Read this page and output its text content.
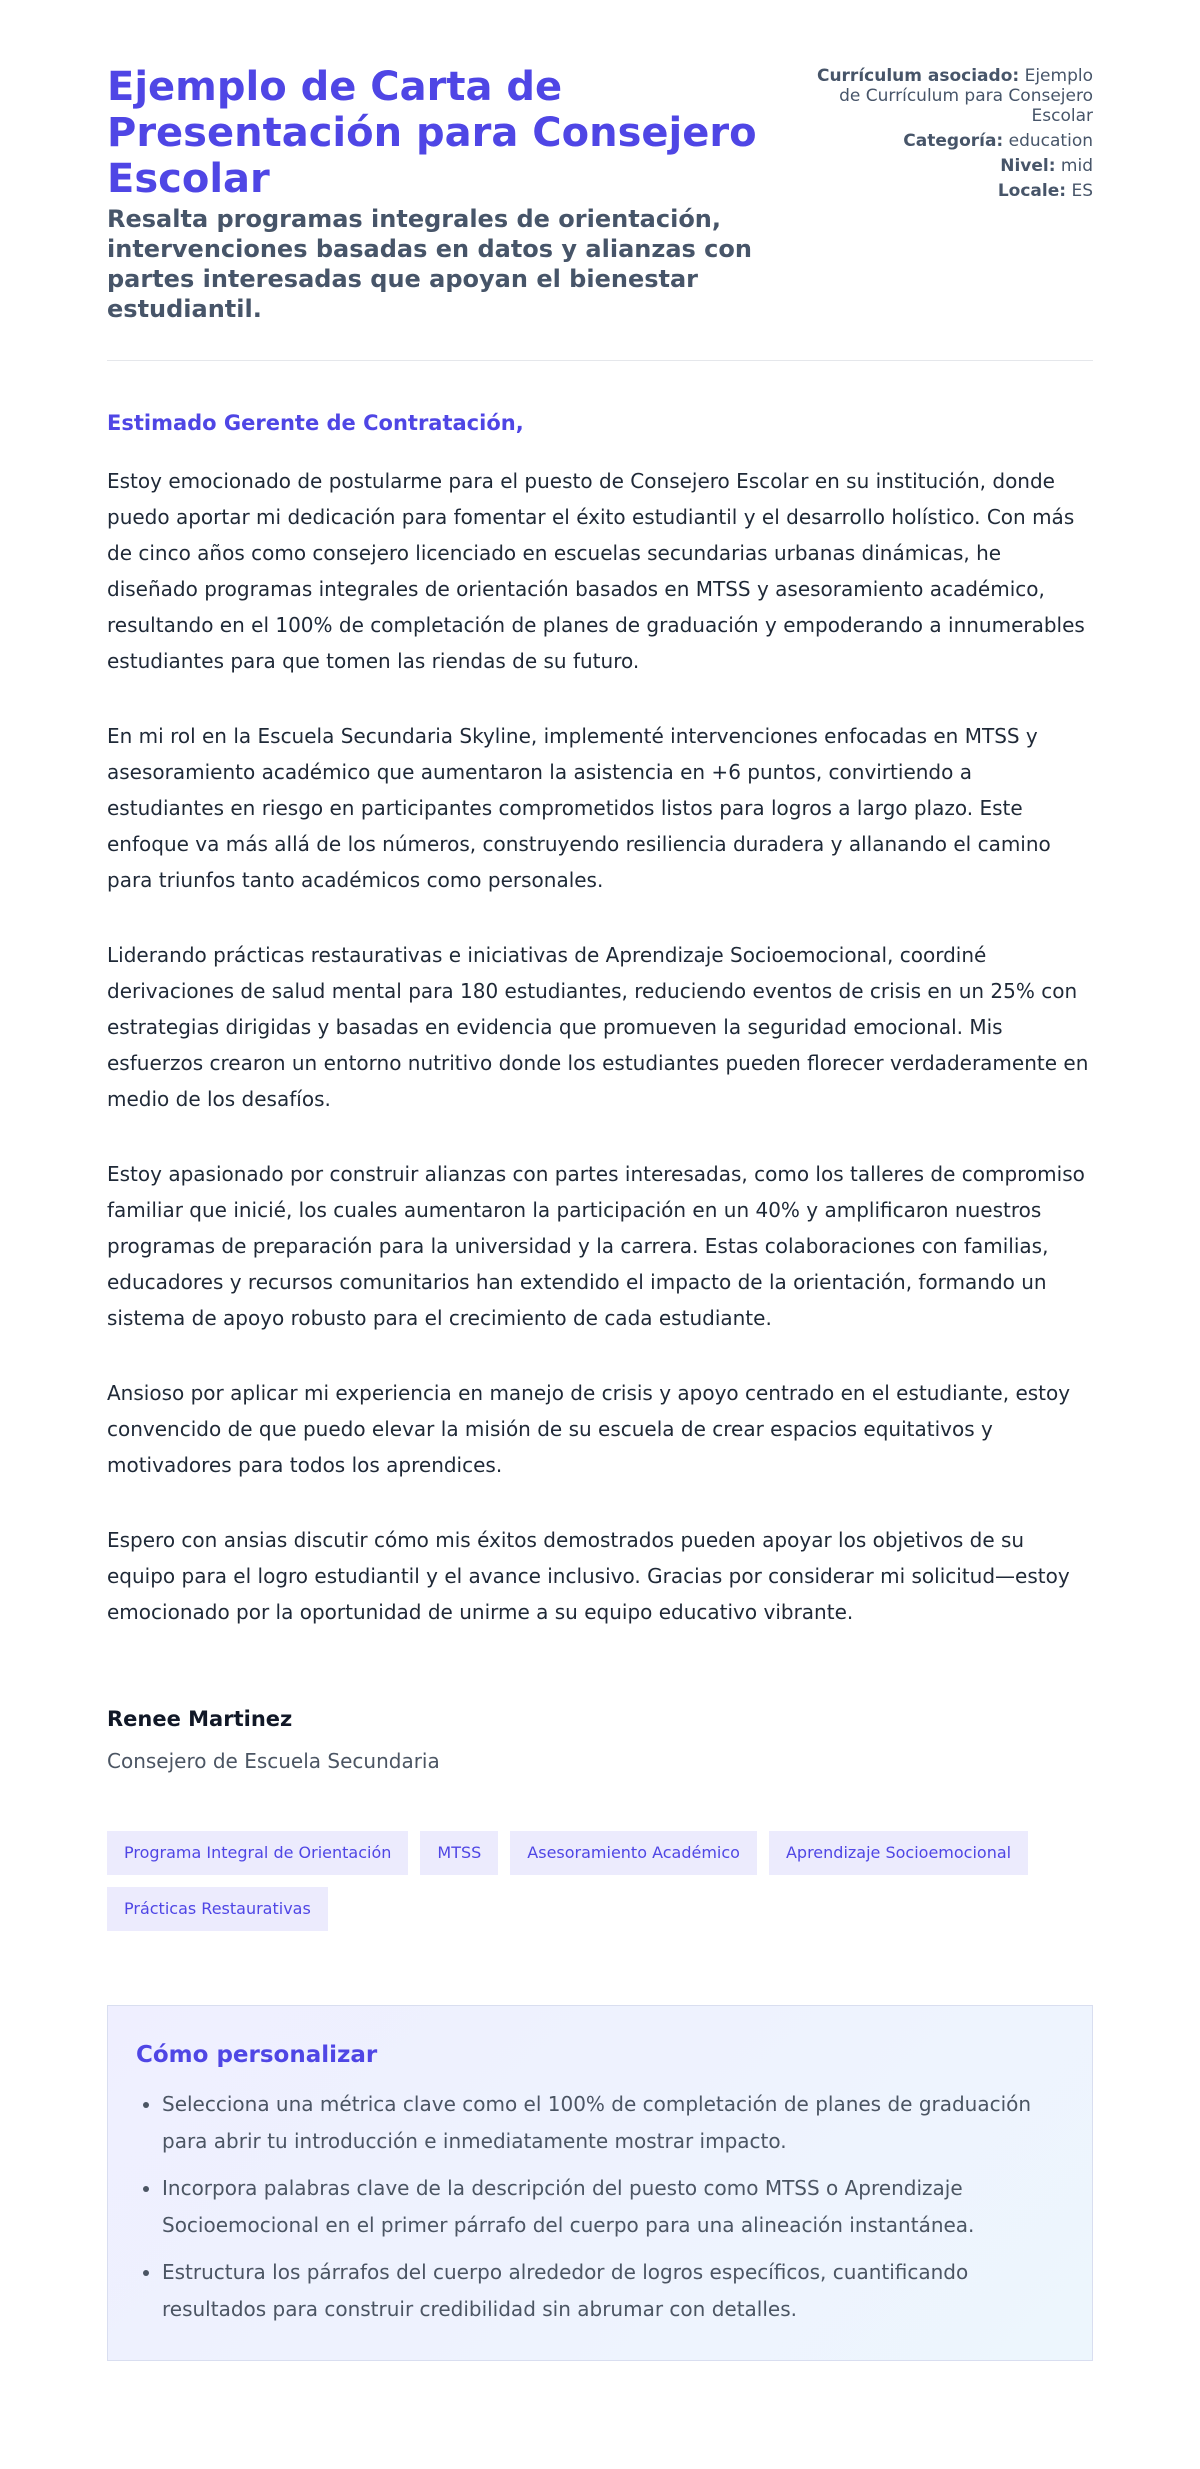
Ejemplo de Carta de Presentación para Consejero Escolar
Resalta programas integrales de orientación, intervenciones basadas en datos y alianzas con partes interesadas que apoyan el bienestar estudiantil.
Currículum asociado: Ejemplo de Currículum para Consejero Escolar
Categoría: education
Nivel: mid
Locale: ES

Estimado Gerente de Contratación,

Estoy emocionado de postularme para el puesto de Consejero Escolar en su institución, donde puedo aportar mi dedicación para fomentar el éxito estudiantil y el desarrollo holístico. Con más de cinco años como consejero licenciado en escuelas secundarias urbanas dinámicas, he diseñado programas integrales de orientación basados en MTSS y asesoramiento académico, resultando en el 100% de completación de planes de graduación y empoderando a innumerables estudiantes para que tomen las riendas de su futuro.

En mi rol en la Escuela Secundaria Skyline, implementé intervenciones enfocadas en MTSS y asesoramiento académico que aumentaron la asistencia en +6 puntos, convirtiendo a estudiantes en riesgo en participantes comprometidos listos para logros a largo plazo. Este enfoque va más allá de los números, construyendo resiliencia duradera y allanando el camino para triunfos tanto académicos como personales.

Liderando prácticas restaurativas e iniciativas de Aprendizaje Socioemocional, coordiné derivaciones de salud mental para 180 estudiantes, reduciendo eventos de crisis en un 25% con estrategias dirigidas y basadas en evidencia que promueven la seguridad emocional. Mis esfuerzos crearon un entorno nutritivo donde los estudiantes pueden florecer verdaderamente en medio de los desafíos.

Estoy apasionado por construir alianzas con partes interesadas, como los talleres de compromiso familiar que inicié, los cuales aumentaron la participación en un 40% y amplificaron nuestros programas de preparación para la universidad y la carrera. Estas colaboraciones con familias, educadores y recursos comunitarios han extendido el impacto de la orientación, formando un sistema de apoyo robusto para el crecimiento de cada estudiante.

Ansioso por aplicar mi experiencia en manejo de crisis y apoyo centrado en el estudiante, estoy convencido de que puedo elevar la misión de su escuela de crear espacios equitativos y motivadores para todos los aprendices.

Espero con ansias discutir cómo mis éxitos demostrados pueden apoyar los objetivos de su equipo para el logro estudiantil y el avance inclusivo. Gracias por considerar mi solicitud—estoy emocionado por la oportunidad de unirme a su equipo educativo vibrante.

Renee Martinez

Consejero de Escuela Secundaria

Programa Integral de Orientación	MTSS	Asesoramiento Académico	Aprendizaje Socioemocional
Prácticas Restaurativas
Cómo personalizar
• Selecciona una métrica clave como el 100% de completación de planes de graduación para abrir tu introducción e inmediatamente mostrar impacto.
• Incorpora palabras clave de la descripción del puesto como MTSS o Aprendizaje Socioemocional en el primer párrafo del cuerpo para una alineación instantánea.
• Estructura los párrafos del cuerpo alrededor de logros específicos, cuantificando resultados para construir credibilidad sin abrumar con detalles.
